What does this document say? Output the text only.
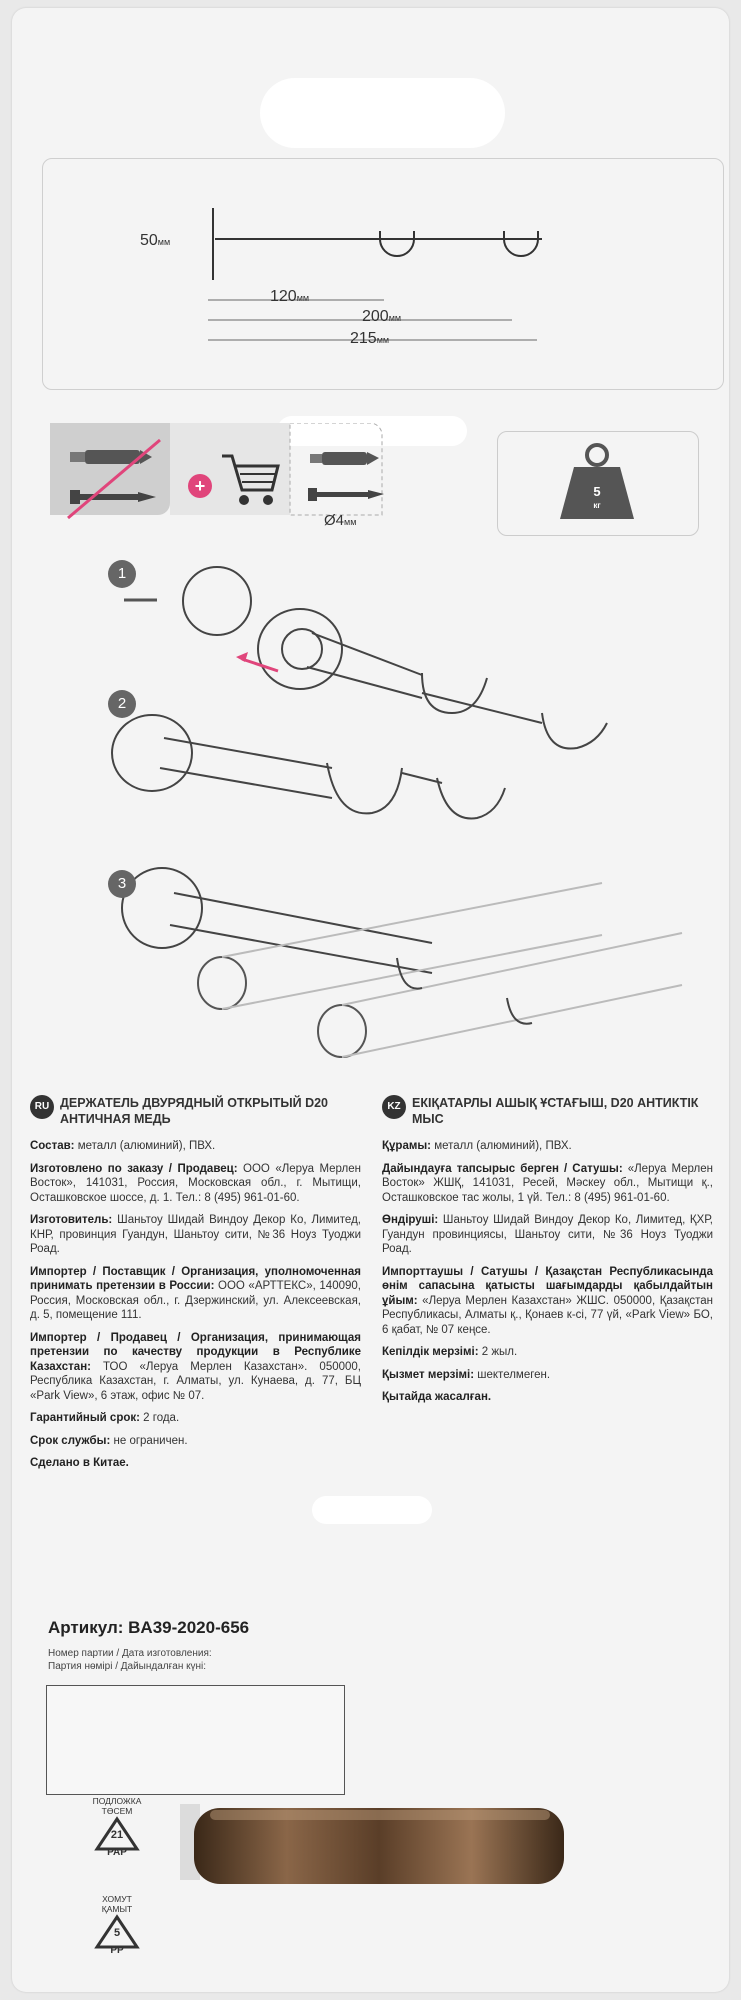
50мм
120мм
200мм
215мм
+
Ø4мм
5
кг
1
2
3
RU ДЕРЖАТЕЛЬ ДВУРЯДНЫЙ ОТКРЫТЫЙ D20 АНТИЧНАЯ МЕДЬ

Состав: металл (алюминий), ПВХ.

Изготовлено по заказу / Продавец: ООО «Леруа Мерлен Восток», 141031, Россия, Московская обл., г. Мытищи, Осташковское шоссе, д. 1. Тел.: 8 (495) 961-01-60.

Изготовитель: Шаньтоу Шидай Виндоу Декор Ко, Лимитед, КНР, провинция Гуандун, Шаньтоу сити, №36 Ноуз Туоджи Роад.

Импортер / Поставщик / Организация, уполномоченная принимать претензии в России: ООО «АРТТЕКС», 140090, Россия, Московская обл., г. Дзержинский, ул. Алексеевская, д. 5, помещение 111.

Импортер / Продавец / Организация, принимающая претензии по качеству продукции в Республике Казахстан: ТОО «Леруа Мерлен Казахстан». 050000, Республика Казахстан, г. Алматы, ул. Кунаева, д. 77, БЦ «Park View», 6 этаж, офис № 07.

Гарантийный срок: 2 года.

Срок службы: не ограничен.

Сделано в Китае.

KZ ЕКІҚАТАРЛЫ АШЫҚ ҰСТАҒЫШ, D20 АНТИКТІК МЫС

Құрамы: металл (алюминий), ПВХ.

Дайындауға тапсырыс берген / Сатушы: «Леруа Мерлен Восток» ЖШҚ, 141031, Ресей, Мәскеу обл., Мытищи қ., Осташковское тас жолы, 1 үй. Тел.: 8 (495) 961-01-60.

Өндіруші: Шаньтоу Шидай Виндоу Декор Ко, Лимитед, ҚХР, Гуандун провинциясы, Шаньтоу сити, №36 Ноуз Туоджи Роад.

Импорттаушы / Сатушы / Қазақстан Республикасында өнім сапасына қатысты шағымдарды қабылдайтын ұйым: «Леруа Мерлен Казахстан» ЖШС. 050000, Қазақстан Республикасы, Алматы қ., Қонаев к-сі, 77 үй, «Park View» БО, 6 қабат, № 07 кеңсе.

Кепілдік мерзімі: 2 жыл.

Қызмет мерзімі: шектелмеген.

Қытайда жасалған.

Артикул: BA39-2020-656
Номер партии / Дата изготовления:
Партия нөмірі / Дайындалған күні:
ПОДЛОЖКА
ТӨСЕМ
21
PAP
ХОМУТ
ҚАМЫТ
5
PP
